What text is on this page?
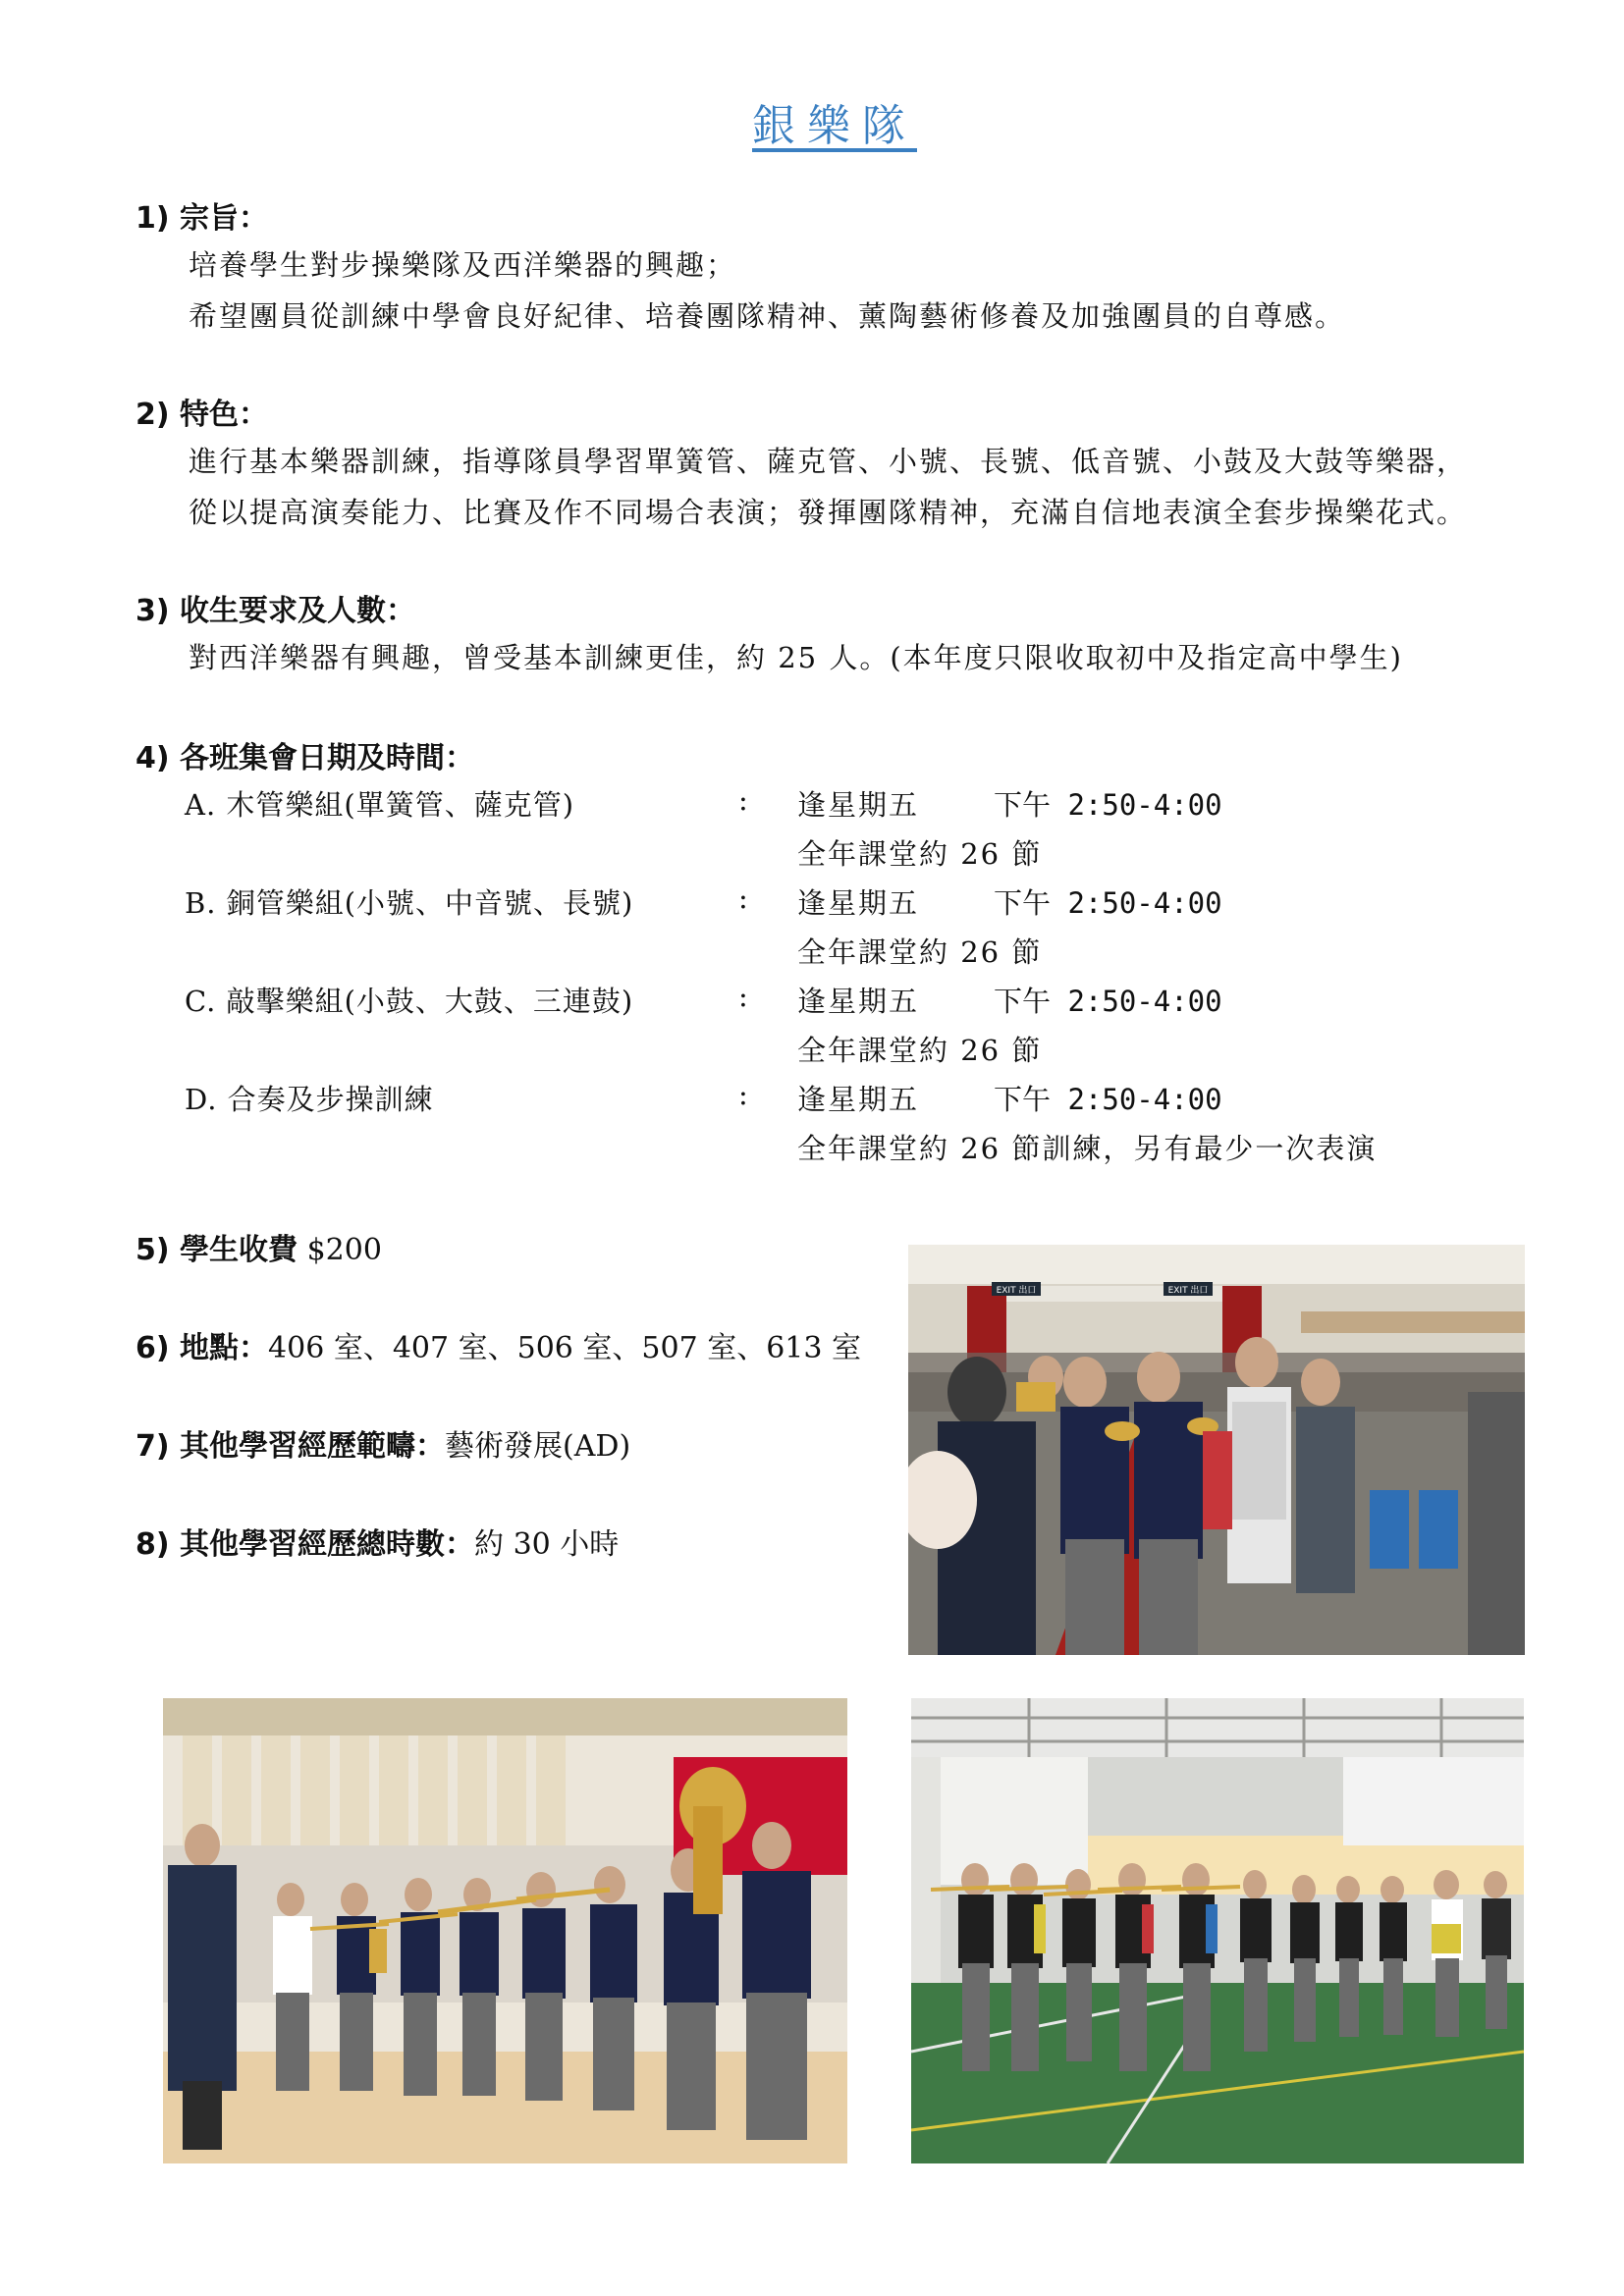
銀樂隊
1) 宗旨：
培養學生對步操樂隊及西洋樂器的興趣；
希望團員從訓練中學會良好紀律、培養團隊精神、薰陶藝術修養及加強團員的自尊感。
2) 特色：
進行基本樂器訓練，指導隊員學習單簧管、薩克管、小號、長號、低音號、小鼓及大鼓等樂器，
從以提高演奏能力、比賽及作不同場合表演；發揮團隊精神，充滿自信地表演全套步操樂花式。
3) 收生要求及人數：
對西洋樂器有興趣，曾受基本訓練更佳，約 25 人。(本年度只限收取初中及指定高中學生)
4) 各班集會日期及時間：
A. 木管樂組(單簧管、薩克管)	: 逢星期五	下午 2:50-4:00
全年課堂約 26 節
B. 銅管樂組(小號、中音號、長號)	: 逢星期五	下午 2:50-4:00
全年課堂約 26 節
C. 敲擊樂組(小鼓、大鼓、三連鼓)	: 逢星期五	下午 2:50-4:00
全年課堂約 26 節
D. 合奏及步操訓練	: 逢星期五	下午 2:50-4:00
全年課堂約 26 節訓練，另有最少一次表演
5) 學生收費 $200
6) 地點：406 室、407 室、506 室、507 室、613 室
7) 其他學習經歷範疇：藝術發展(AD)
8) 其他學習經歷總時數：約 30 小時
EXIT 出口	EXIT 出口
